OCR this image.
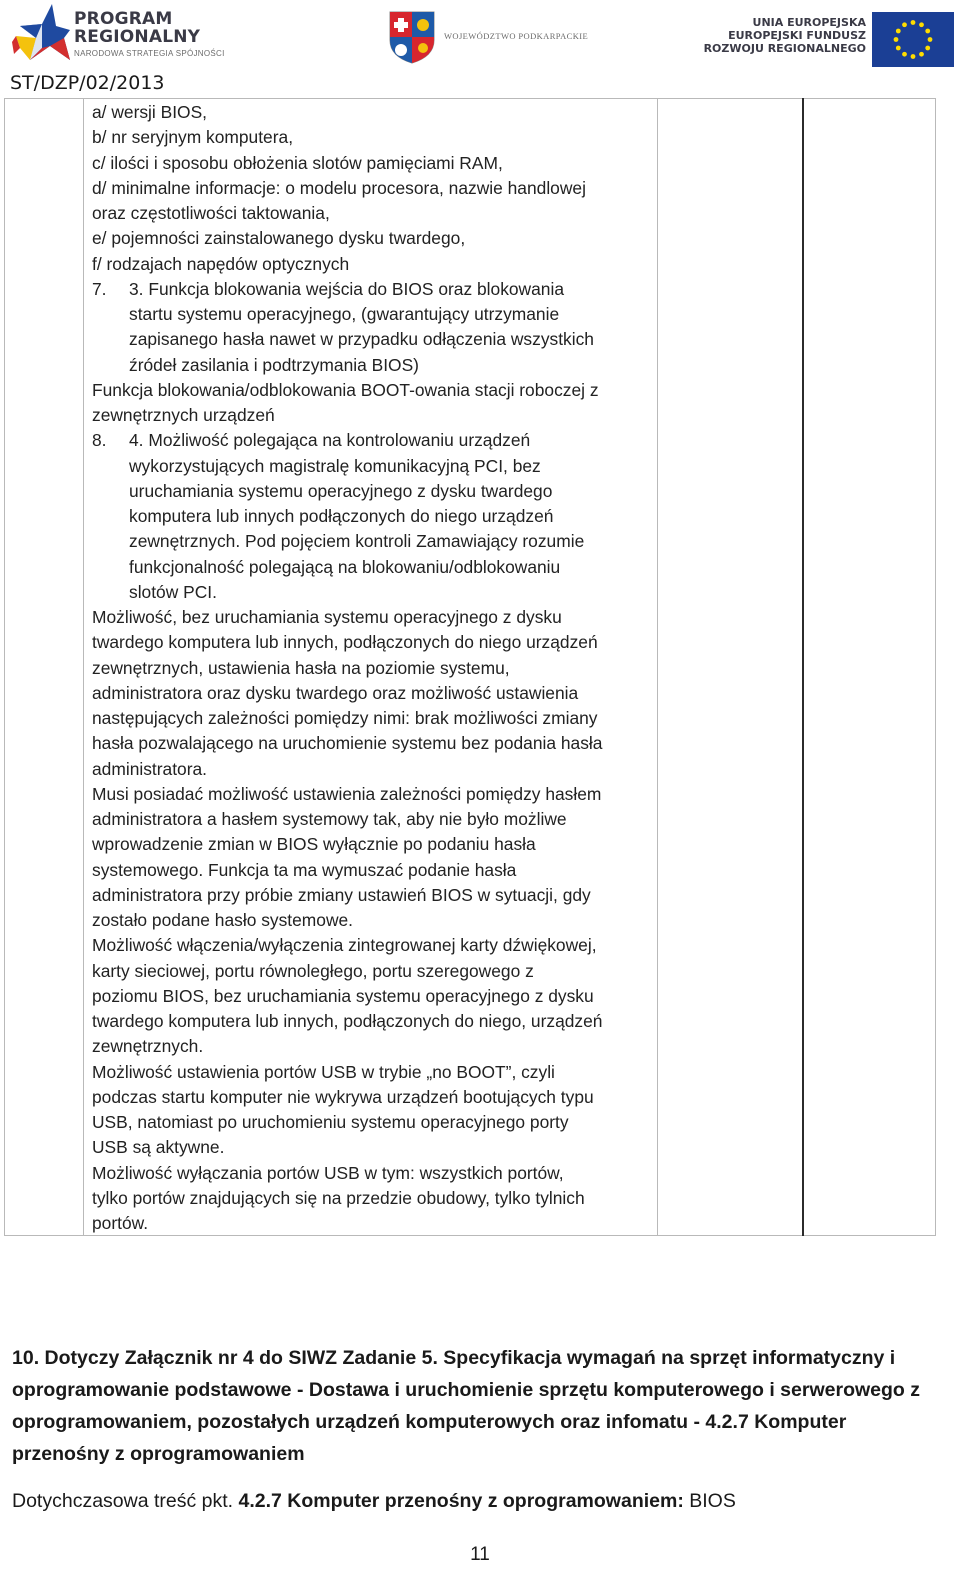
PROGRAM
REGIONALNY
NARODOWA STRATEGIA SPÓJNOŚCI
WOJEWÓDZTWO PODKARPACKIE
UNIA EUROPEJSKA
EUROPEJSKI FUNDUSZ
ROZWOJU REGIONALNEGO
ST/DZP/02/2013
a/ wersji BIOS,
b/ nr seryjnym komputera,
c/ ilości i sposobu obłożenia slotów pamięciami RAM,
d/ minimalne informacje: o modelu procesora, nazwie handlowej
oraz częstotliwości taktowania,
e/ pojemności zainstalowanego dysku twardego,
f/ rodzajach napędów optycznych
7. 3. Funkcja blokowania wejścia do BIOS oraz blokowania
startu systemu operacyjnego, (gwarantujący utrzymanie
zapisanego hasła nawet w przypadku odłączenia wszystkich
źródeł zasilania i podtrzymania BIOS)
Funkcja blokowania/odblokowania BOOT-owania stacji roboczej z
zewnętrznych urządzeń
8. 4. Możliwość polegająca na kontrolowaniu urządzeń
wykorzystujących magistralę komunikacyjną PCI, bez
uruchamiania systemu operacyjnego z dysku twardego
komputera lub innych podłączonych do niego urządzeń
zewnętrznych. Pod pojęciem kontroli Zamawiający rozumie
funkcjonalność polegającą na blokowaniu/odblokowaniu
slotów PCI.
Możliwość, bez uruchamiania systemu operacyjnego z dysku
twardego komputera lub innych, podłączonych do niego urządzeń
zewnętrznych, ustawienia hasła na poziomie systemu,
administratora oraz dysku twardego oraz możliwość ustawienia
następujących zależności pomiędzy nimi: brak możliwości zmiany
hasła pozwalającego na uruchomienie systemu bez podania hasła
administratora.
Musi posiadać możliwość ustawienia zależności pomiędzy hasłem
administratora a hasłem systemowy tak, aby nie było możliwe
wprowadzenie zmian w BIOS wyłącznie po podaniu hasła
systemowego. Funkcja ta ma wymuszać podanie hasła
administratora przy próbie zmiany ustawień BIOS w sytuacji, gdy
zostało podane hasło systemowe.
Możliwość włączenia/wyłączenia zintegrowanej karty dźwiękowej,
karty sieciowej, portu równoległego, portu szeregowego z
poziomu BIOS, bez uruchamiania systemu operacyjnego z dysku
twardego komputera lub innych, podłączonych do niego, urządzeń
zewnętrznych.
Możliwość ustawienia portów USB w trybie „no BOOT”, czyli
podczas startu komputer nie wykrywa urządzeń bootujących typu
USB, natomiast po uruchomieniu systemu operacyjnego porty
USB są aktywne.
Możliwość wyłączania portów USB w tym: wszystkich portów,
tylko portów znajdujących się na przedzie obudowy, tylko tylnich
portów.
10. Dotyczy Załącznik nr 4 do SIWZ Zadanie 5. Specyfikacja wymagań na sprzęt informatyczny i
oprogramowanie podstawowe - Dostawa i uruchomienie sprzętu komputerowego i serwerowego z
oprogramowaniem, pozostałych urządzeń komputerowych oraz infomatu - 4.2.7 Komputer
przenośny z oprogramowaniem
Dotychczasowa treść pkt. 4.2.7 Komputer przenośny z oprogramowaniem: BIOS
11
